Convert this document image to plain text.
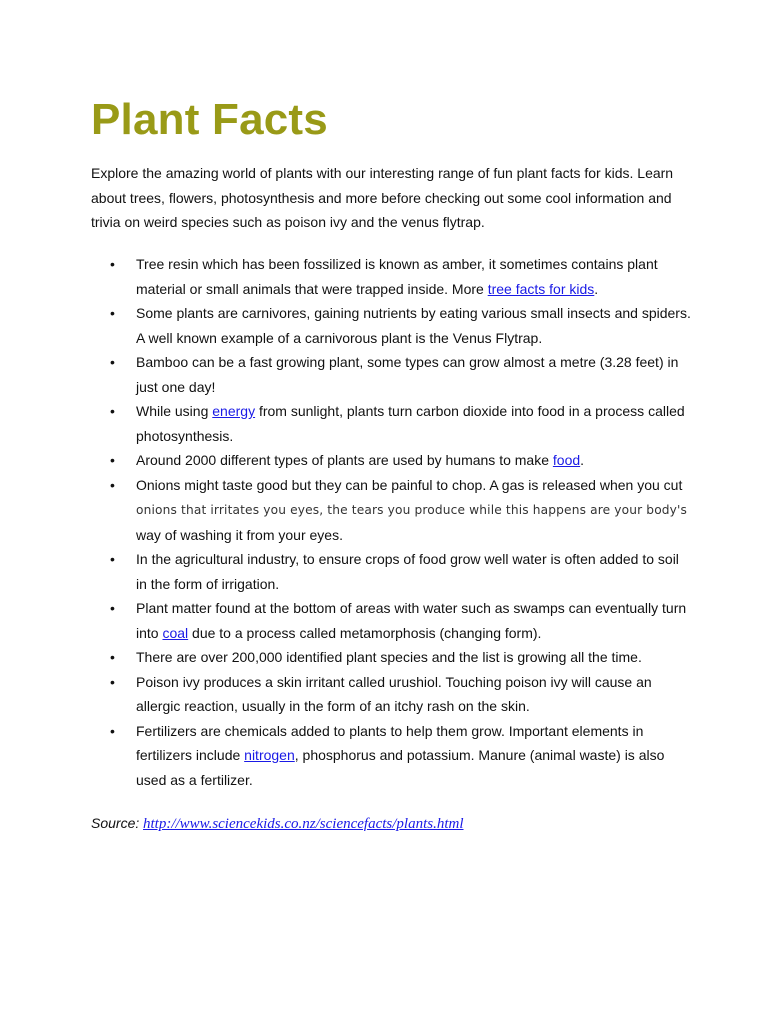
Plant Facts

Explore the amazing world of plants with our interesting range of fun plant facts for kids. Learn about trees, flowers, photosynthesis and more before checking out some cool information and trivia on weird species such as poison ivy and the venus flytrap.

• Tree resin which has been fossilized is known as amber, it sometimes contains plant material or small animals that were trapped inside. More tree facts for kids.
• Some plants are carnivores, gaining nutrients by eating various small insects and spiders. A well known example of a carnivorous plant is the Venus Flytrap.
• Bamboo can be a fast growing plant, some types can grow almost a metre (3.28 feet) in just one day!
• While using energy from sunlight, plants turn carbon dioxide into food in a process called photosynthesis.
• Around 2000 different types of plants are used by humans to make food.
• Onions might taste good but they can be painful to chop. A gas is released when you cut
onions that irritates you eyes, the tears you produce while this happens are your body's
way of washing it from your eyes.
• In the agricultural industry, to ensure crops of food grow well water is often added to soil in the form of irrigation.
• Plant matter found at the bottom of areas with water such as swamps can eventually turn into coal due to a process called metamorphosis (changing form).
• There are over 200,000 identified plant species and the list is growing all the time.
• Poison ivy produces a skin irritant called urushiol. Touching poison ivy will cause an allergic reaction, usually in the form of an itchy rash on the skin.
• Fertilizers are chemicals added to plants to help them grow. Important elements in fertilizers include nitrogen, phosphorus and potassium. Manure (animal waste) is also used as a fertilizer.

Source: http://www.sciencekids.co.nz/sciencefacts/plants.html
